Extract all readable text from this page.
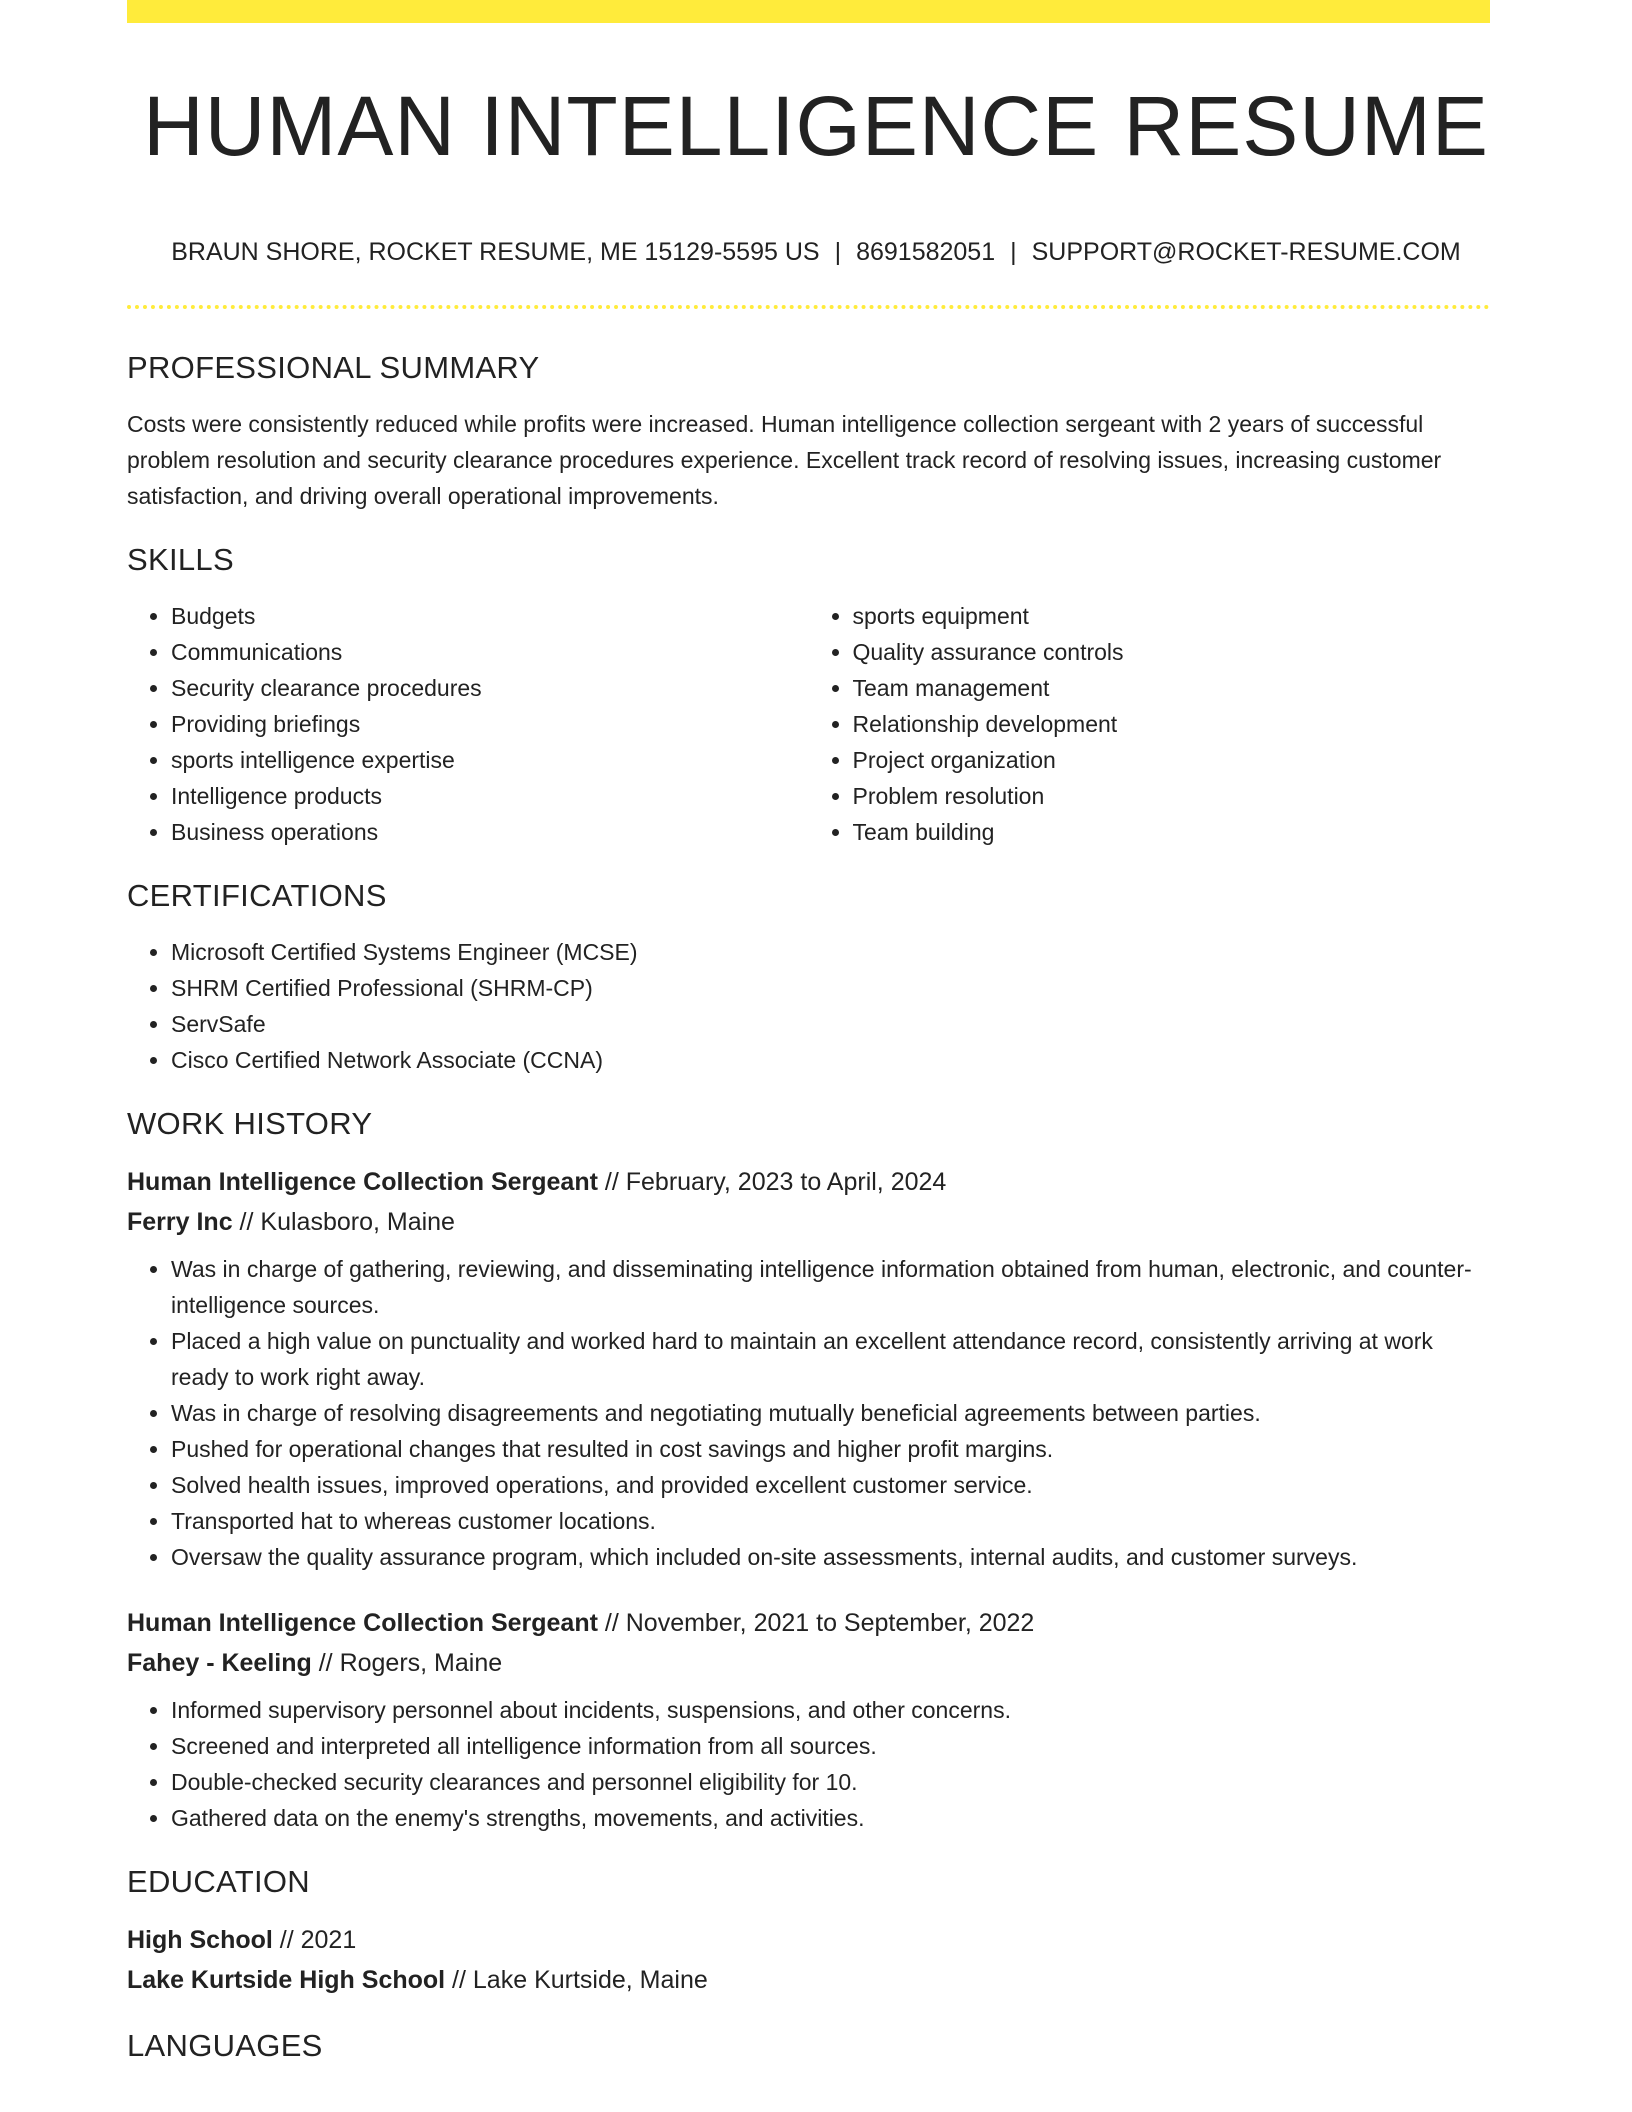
HUMAN INTELLIGENCE RESUME
BRAUN SHORE, ROCKET RESUME, ME 15129-5595 US | 8691582051 | SUPPORT@ROCKET-RESUME.COM
PROFESSIONAL SUMMARY
Costs were consistently reduced while profits were increased. Human intelligence collection sergeant with 2 years of successful problem resolution and security clearance procedures experience. Excellent track record of resolving issues, increasing customer satisfaction, and driving overall operational improvements.
SKILLS
• Budgets
• Communications
• Security clearance procedures
• Providing briefings
• sports intelligence expertise
• Intelligence products
• Business operations
• sports equipment
• Quality assurance controls
• Team management
• Relationship development
• Project organization
• Problem resolution
• Team building
CERTIFICATIONS
• Microsoft Certified Systems Engineer (MCSE)
• SHRM Certified Professional (SHRM-CP)
• ServSafe
• Cisco Certified Network Associate (CCNA)
WORK HISTORY
Human Intelligence Collection Sergeant // February, 2023 to April, 2024
Ferry Inc // Kulasboro, Maine
• Was in charge of gathering, reviewing, and disseminating intelligence information obtained from human, electronic, and counter-intelligence sources.
• Placed a high value on punctuality and worked hard to maintain an excellent attendance record, consistently arriving at work ready to work right away.
• Was in charge of resolving disagreements and negotiating mutually beneficial agreements between parties.
• Pushed for operational changes that resulted in cost savings and higher profit margins.
• Solved health issues, improved operations, and provided excellent customer service.
• Transported hat to whereas customer locations.
• Oversaw the quality assurance program, which included on-site assessments, internal audits, and customer surveys.
Human Intelligence Collection Sergeant // November, 2021 to September, 2022
Fahey - Keeling // Rogers, Maine
• Informed supervisory personnel about incidents, suspensions, and other concerns.
• Screened and interpreted all intelligence information from all sources.
• Double-checked security clearances and personnel eligibility for 10.
• Gathered data on the enemy's strengths, movements, and activities.
EDUCATION
High School // 2021
Lake Kurtside High School // Lake Kurtside, Maine
LANGUAGES
